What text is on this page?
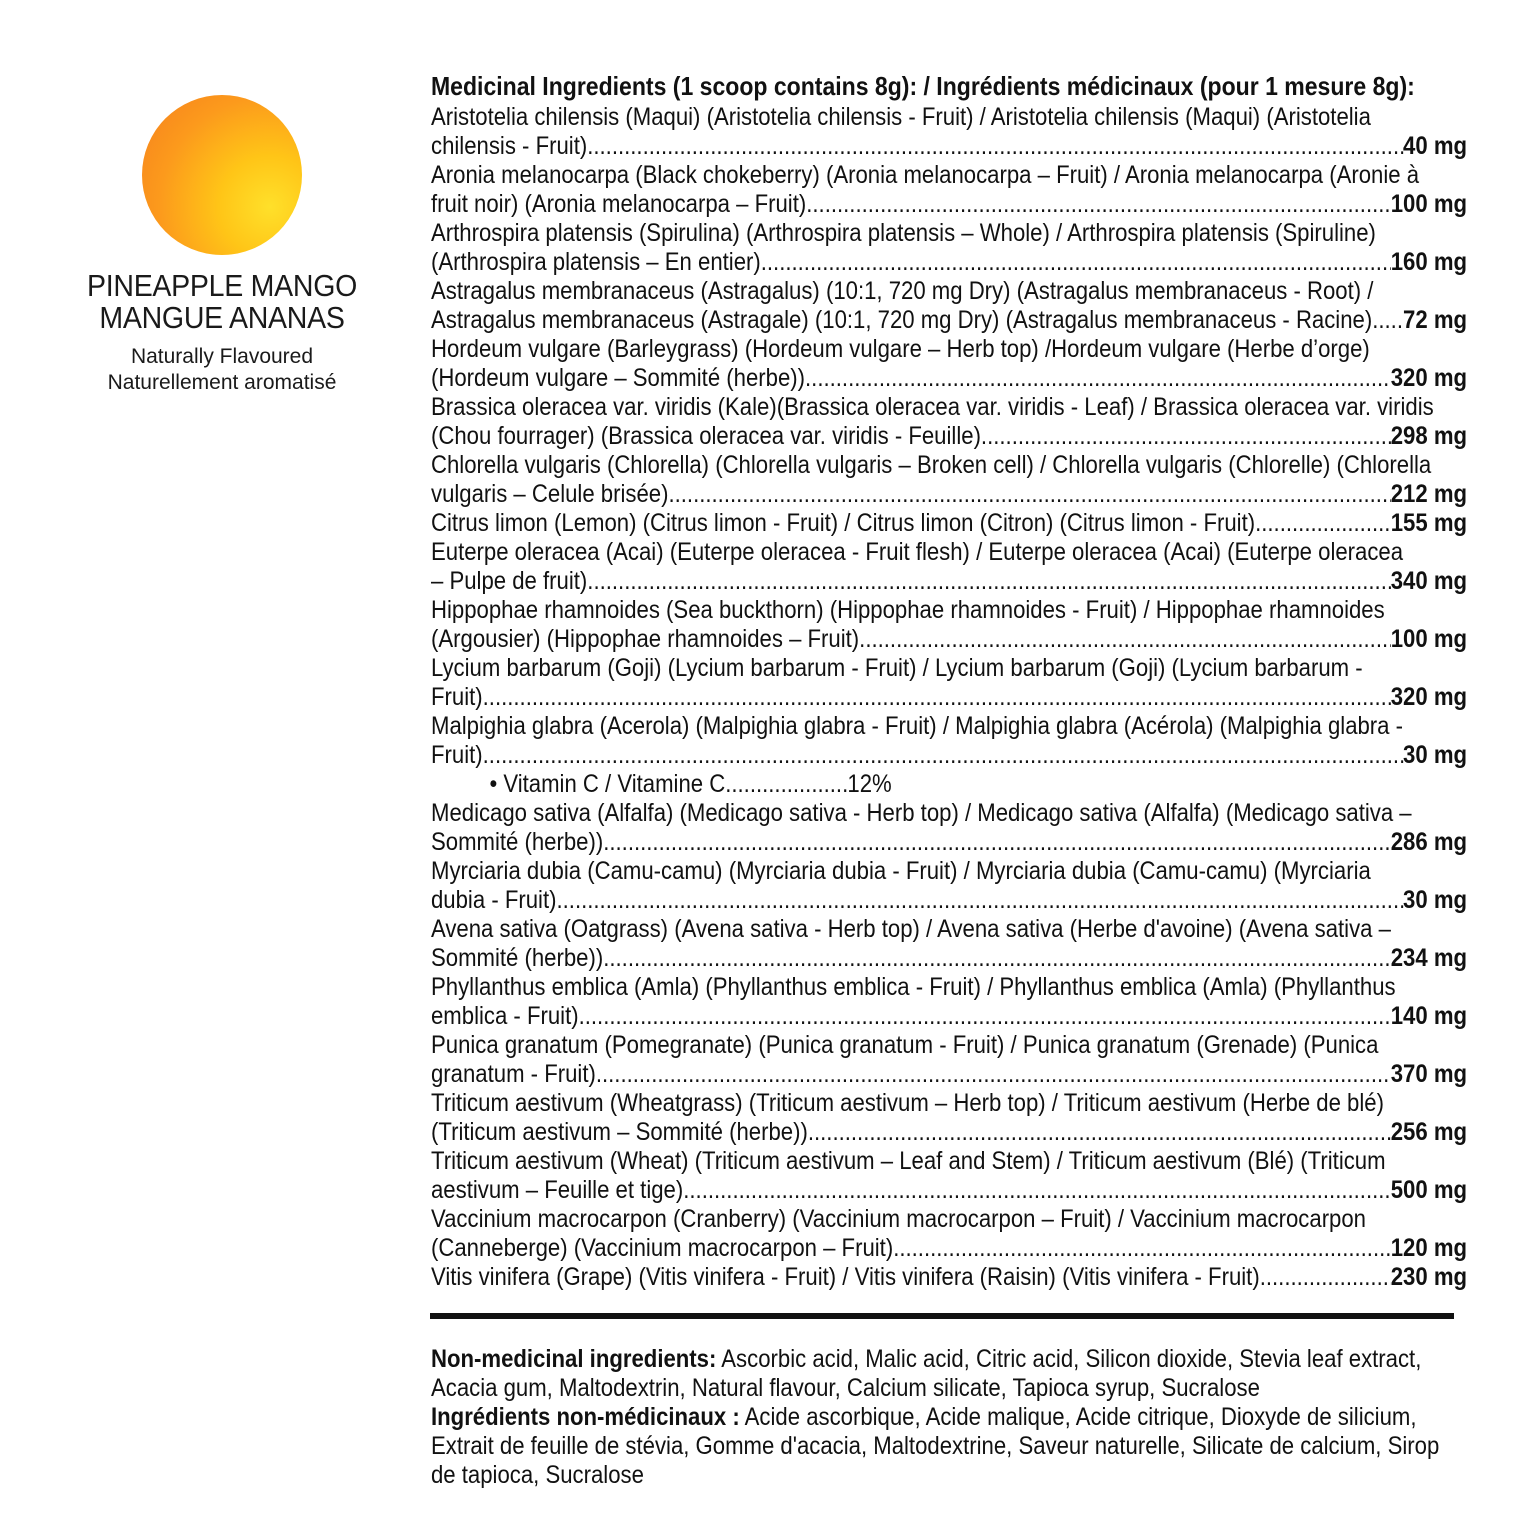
PINEAPPLE MANGO
MANGUE ANANAS
Naturally Flavoured
Naturellement aromatisé
Medicinal Ingredients (1 scoop contains 8g): / Ingrédients médicinaux (pour 1 mesure 8g):
Aristotelia chilensis (Maqui) (Aristotelia chilensis - Fruit) / Aristotelia chilensis (Maqui) (Aristotelia
chilensis - Fruit) .....	40 mg
Aronia melanocarpa (Black chokeberry) (Aronia melanocarpa – Fruit) / Aronia melanocarpa (Aronie à
fruit noir) (Aronia melanocarpa – Fruit) .....	100 mg
Arthrospira platensis (Spirulina) (Arthrospira platensis – Whole) / Arthrospira platensis (Spiruline)
(Arthrospira platensis – En entier) .....	160 mg
Astragalus membranaceus (Astragalus) (10:1, 720 mg Dry) (Astragalus membranaceus - Root) /
Astragalus membranaceus (Astragale) (10:1, 720 mg Dry) (Astragalus membranaceus - Racine) ..... 72 mg
Hordeum vulgare (Barleygrass) (Hordeum vulgare – Herb top) /Hordeum vulgare (Herbe d’orge)
(Hordeum vulgare – Sommité (herbe)) .....	320 mg
Brassica oleracea var. viridis (Kale)(Brassica oleracea var. viridis - Leaf) / Brassica oleracea var. viridis
(Chou fourrager) (Brassica oleracea var. viridis - Feuille) .....	298 mg
Chlorella vulgaris (Chlorella) (Chlorella vulgaris – Broken cell) / Chlorella vulgaris (Chlorelle) (Chlorella
vulgaris – Celule brisée) .....	212 mg
Citrus limon (Lemon) (Citrus limon - Fruit) / Citrus limon (Citron) (Citrus limon - Fruit) .....	155 mg
Euterpe oleracea (Acai) (Euterpe oleracea - Fruit flesh) / Euterpe oleracea (Acai) (Euterpe oleracea
– Pulpe de fruit) .....	340 mg
Hippophae rhamnoides (Sea buckthorn) (Hippophae rhamnoides - Fruit) / Hippophae rhamnoides
(Argousier) (Hippophae rhamnoides – Fruit) .....	100 mg
Lycium barbarum (Goji) (Lycium barbarum - Fruit) / Lycium barbarum (Goji) (Lycium barbarum -
Fruit) .....	320 mg
Malpighia glabra (Acerola) (Malpighia glabra - Fruit) / Malpighia glabra (Acérola) (Malpighia glabra -
Fruit) .....	30 mg
• Vitamin C / Vitamine C .....	12%
Medicago sativa (Alfalfa) (Medicago sativa - Herb top) / Medicago sativa (Alfalfa) (Medicago sativa –
Sommité (herbe)) .....	286 mg
Myrciaria dubia (Camu-camu) (Myrciaria dubia - Fruit) / Myrciaria dubia (Camu-camu) (Myrciaria
dubia - Fruit) .....	30 mg
Avena sativa (Oatgrass) (Avena sativa - Herb top) / Avena sativa (Herbe d'avoine) (Avena sativa –
Sommité (herbe)) .....	234 mg
Phyllanthus emblica (Amla) (Phyllanthus emblica - Fruit) / Phyllanthus emblica (Amla) (Phyllanthus
emblica - Fruit) .....	140 mg
Punica granatum (Pomegranate) (Punica granatum - Fruit) / Punica granatum (Grenade) (Punica
granatum - Fruit) .....	370 mg
Triticum aestivum (Wheatgrass) (Triticum aestivum – Herb top) / Triticum aestivum (Herbe de blé)
(Triticum aestivum – Sommité (herbe)) .....	256 mg
Triticum aestivum (Wheat) (Triticum aestivum – Leaf and Stem) / Triticum aestivum (Blé) (Triticum
aestivum – Feuille et tige) .....	500 mg
Vaccinium macrocarpon (Cranberry) (Vaccinium macrocarpon – Fruit) / Vaccinium macrocarpon
(Canneberge) (Vaccinium macrocarpon – Fruit) .....	120 mg
Vitis vinifera (Grape) (Vitis vinifera - Fruit) / Vitis vinifera (Raisin) (Vitis vinifera - Fruit) .....	230 mg
Non-medicinal ingredients: Ascorbic acid, Malic acid, Citric acid, Silicon dioxide, Stevia leaf extract,
Acacia gum, Maltodextrin, Natural flavour, Calcium silicate, Tapioca syrup, Sucralose
Ingrédients non-médicinaux : Acide ascorbique, Acide malique, Acide citrique, Dioxyde de silicium,
Extrait de feuille de stévia, Gomme d'acacia, Maltodextrine, Saveur naturelle, Silicate de calcium, Sirop
de tapioca, Sucralose
